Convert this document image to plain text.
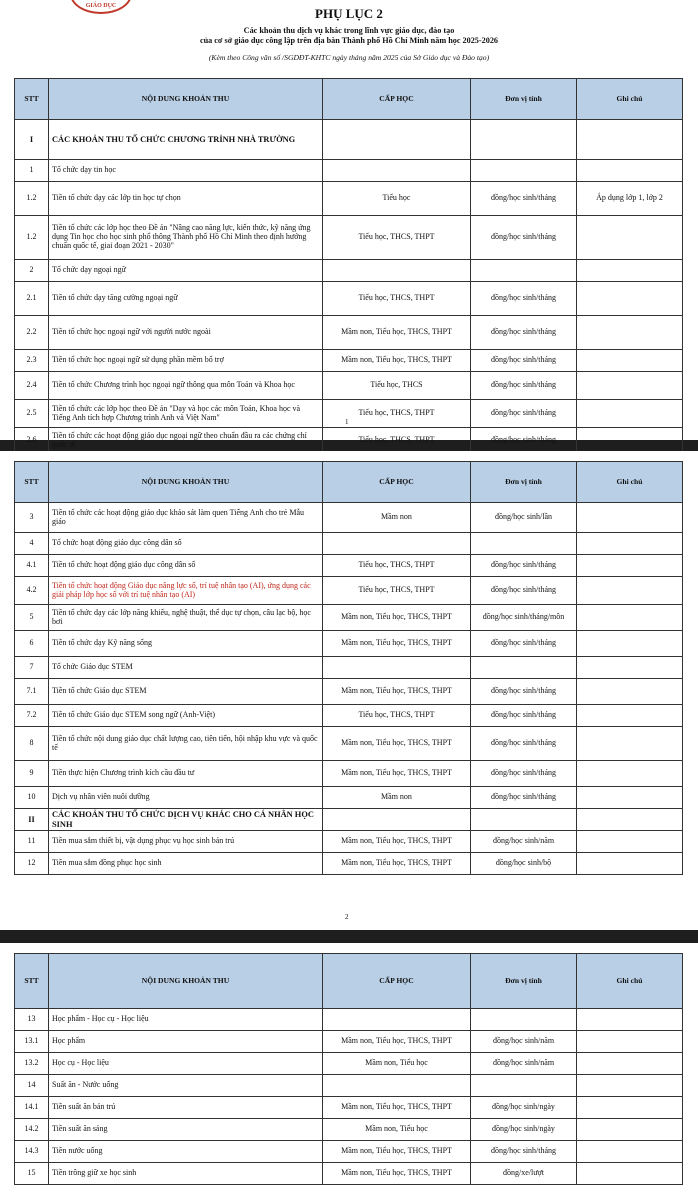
GIÁO DỤC	PHỤ LỤC 2
Các khoản thu dịch vụ khác trong lĩnh vực giáo dục, đào tạo
của cơ sở giáo dục công lập trên địa bàn Thành phố Hồ Chí Minh năm học 2025-2026
(Kèm theo Công văn số /SGDĐT-KHTC ngày tháng năm 2025 của Sở Giáo dục và Đào tạo)
STT	NỘI DUNG KHOẢN THU	CẤP HỌC	Đơn vị tính	Ghi chú
I	CÁC KHOẢN THU TỔ CHỨC CHƯƠNG TRÌNH NHÀ TRƯỜNG			
1	Tổ chức dạy tin học			
1.2	Tiền tổ chức dạy các lớp tin học tự chọn	Tiểu học	đồng/học sinh/tháng	Áp dụng lớp 1, lớp 2
1.2	Tiền tổ chức các lớp học theo Đề án "Nâng cao năng lực, kiến thức, kỹ năng ứng dụng Tin học cho học sinh phổ thông Thành phố Hồ Chí Minh theo định hướng chuẩn quốc tế, giai đoạn 2021 - 2030"	Tiểu học, THCS, THPT	đồng/học sinh/tháng	
2	Tổ chức dạy ngoại ngữ			
2.1	Tiền tổ chức dạy tăng cường ngoại ngữ	Tiểu học, THCS, THPT	đồng/học sinh/tháng	
2.2	Tiền tổ chức học ngoại ngữ với người nước ngoài	Mầm non, Tiểu học, THCS, THPT	đồng/học sinh/tháng	
2.3	Tiền tổ chức học ngoại ngữ sử dụng phần mềm bổ trợ	Mầm non, Tiểu học, THCS, THPT	đồng/học sinh/tháng	
2.4	Tiền tổ chức Chương trình học ngoại ngữ thông qua môn Toán và Khoa học	Tiểu học, THCS	đồng/học sinh/tháng	
2.5	Tiền tổ chức các lớp học theo Đề án "Dạy và học các môn Toán, Khoa học và Tiếng Anh tích hợp Chương trình Anh và Việt Nam"	Tiểu học, THCS, THPT	đồng/học sinh/tháng	
2.6	Tiền tổ chức các hoạt động giáo dục ngoại ngữ theo chuẩn đầu ra các chứng chỉ quốc tế	Tiểu học, THCS, THPT	đồng/học sinh/tháng	
1
STT	NỘI DUNG KHOẢN THU	CẤP HỌC	Đơn vị tính	Ghi chú
3	Tiền tổ chức các hoạt động giáo dục khảo sát làm quen Tiếng Anh cho trẻ Mẫu giáo	Mầm non	đồng/học sinh/lần	
4	Tổ chức hoạt động giáo dục công dân số			
4.1	Tiền tổ chức hoạt động giáo dục công dân số	Tiểu học, THCS, THPT	đồng/học sinh/tháng	
4.2	Tiền tổ chức hoạt động Giáo dục nâng lực số, trí tuệ nhân tạo (AI), ứng dụng các giải pháp lớp học số với trí tuệ nhân tạo (AI)	Tiểu học, THCS, THPT	đồng/học sinh/tháng	
5	Tiền tổ chức dạy các lớp năng khiếu, nghệ thuật, thể dục tự chọn, câu lạc bộ, học bơi	Mầm non, Tiểu học, THCS, THPT	đồng/học sinh/tháng/môn	
6	Tiền tổ chức dạy Kỹ năng sống	Mầm non, Tiểu học, THCS, THPT	đồng/học sinh/tháng	
7	Tổ chức Giáo dục STEM			
7.1	Tiền tổ chức Giáo dục STEM	Mầm non, Tiểu học, THCS, THPT	đồng/học sinh/tháng	
7.2	Tiền tổ chức Giáo dục STEM song ngữ (Anh-Việt)	Tiểu học, THCS, THPT	đồng/học sinh/tháng	
8	Tiền tổ chức nội dung giáo dục chất lượng cao, tiên tiến, hội nhập khu vực và quốc tế	Mầm non, Tiểu học, THCS, THPT	đồng/học sinh/tháng	
9	Tiền thực hiện Chương trình kích cầu đầu tư	Mầm non, Tiểu học, THCS, THPT	đồng/học sinh/tháng	
10	Dịch vụ nhân viên nuôi dưỡng	Mầm non	đồng/học sinh/tháng	
II	CÁC KHOẢN THU TỔ CHỨC DỊCH VỤ KHÁC CHO CÁ NHÂN HỌC SINH			
11	Tiền mua sắm thiết bị, vật dụng phục vụ học sinh bán trú	Mầm non, Tiểu học, THCS, THPT	đồng/học sinh/năm	
12	Tiền mua sắm đồng phục học sinh	Mầm non, Tiểu học, THCS, THPT	đồng/học sinh/bộ	
2
STT	NỘI DUNG KHOẢN THU	CẤP HỌC	Đơn vị tính	Ghi chú
13	Học phẩm - Học cụ - Học liệu			
13.1	Học phẩm	Mầm non, Tiểu học, THCS, THPT	đồng/học sinh/năm	
13.2	Học cụ - Học liệu	Mầm non, Tiểu học	đồng/học sinh/năm	
14	Suất ăn - Nước uống			
14.1	Tiền suất ăn bán trú	Mầm non, Tiểu học, THCS, THPT	đồng/học sinh/ngày	
14.2	Tiền suất ăn sáng	Mầm non, Tiểu học	đồng/học sinh/ngày	
14.3	Tiền nước uống	Mầm non, Tiểu học, THCS, THPT	đồng/học sinh/tháng	
15	Tiền trông giữ xe học sinh	Mầm non, Tiểu học, THCS, THPT	đồng/xe/lượt	
